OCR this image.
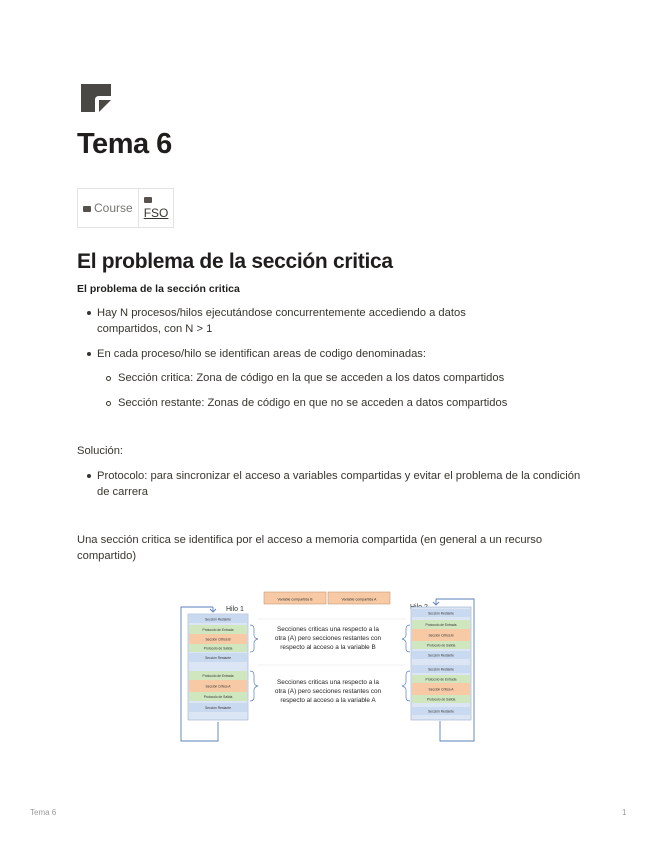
Tema 6
Course	FSO
El problema de la sección critica
El problema de la sección critica
Hay N procesos/hilos ejecutándose concurrentemente accediendo a datos compartidos, con N > 1
En cada proceso/hilo se identifican areas de codigo denominadas:
Sección critica: Zona de código en la que se acceden a los datos compartidos
Sección restante: Zonas de código en que no se acceden a datos compartidos
Solución:
Protocolo: para sincronizar el acceso a variables compartidas y evitar el problema de la condición de carrera
Una sección critica se identifica por el acceso a memoria compartida (en general a un recurso compartido)
Variable compartida B	Variable compartida A
Hilo 1
Sección Restante
Protocolo de Entrada
Sección Critica B
Protocolo de Salida
Sección Restante
Protocolo de Entrada
Sección Critica A
Protocolo de Salida
Sección Restante
Secciones criticas una respecto a la
otra (A) pero secciones restantes con
respecto al acceso a la variable B
Secciones criticas una respecto a la
otra (A) pero secciones restantes con
respecto al acceso a la variable A
Sección Restante
Protocolo de Entrada
Sección Critica B
Protocolo de Salida
Sección Restante
Sección Restante
Protocolo de Entrada
Sección Critica A
Protocolo de Salida
Sección Restante
Tema 6	1
